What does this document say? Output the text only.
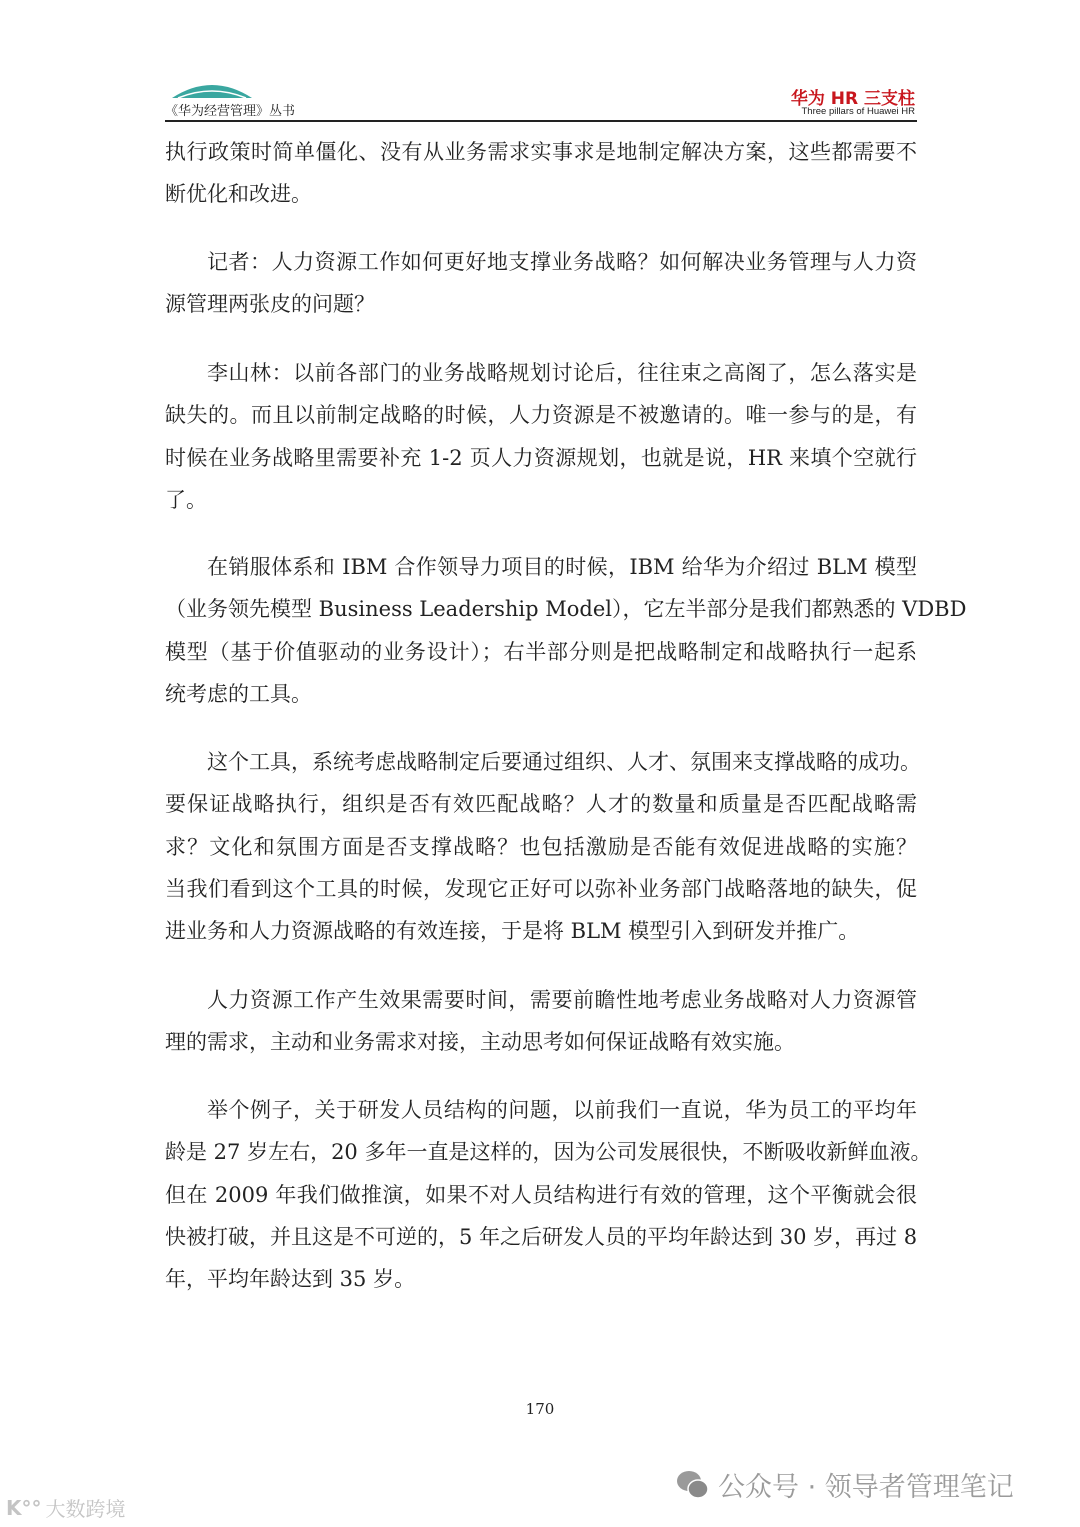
《华为经营管理》丛书
华为 HR 三支柱
Three pillars of Huawei HR
执行政策时简单僵化、没有从业务需求实事求是地制定解决方案，这些都需要不
断优化和改进。
记者：人力资源工作如何更好地支撑业务战略？如何解决业务管理与人力资
源管理两张皮的问题？
李山林：以前各部门的业务战略规划讨论后，往往束之高阁了，怎么落实是
缺失的。而且以前制定战略的时候，人力资源是不被邀请的。唯一参与的是，有
时候在业务战略里需要补充 1-2 页人力资源规划，也就是说，HR 来填个空就行
了。
在销服体系和 IBM 合作领导力项目的时候，IBM 给华为介绍过 BLM 模型
（业务领先模型 Business Leadership Model），它左半部分是我们都熟悉的 VDBD
模型（基于价值驱动的业务设计）；右半部分则是把战略制定和战略执行一起系
统考虑的工具。
这个工具，系统考虑战略制定后要通过组织、人才、氛围来支撑战略的成功。
要保证战略执行，组织是否有效匹配战略？人才的数量和质量是否匹配战略需
求？文化和氛围方面是否支撑战略？也包括激励是否能有效促进战略的实施？
当我们看到这个工具的时候，发现它正好可以弥补业务部门战略落地的缺失，促
进业务和人力资源战略的有效连接，于是将 BLM 模型引入到研发并推广。
人力资源工作产生效果需要时间，需要前瞻性地考虑业务战略对人力资源管
理的需求，主动和业务需求对接，主动思考如何保证战略有效实施。
举个例子，关于研发人员结构的问题，以前我们一直说，华为员工的平均年
龄是 27 岁左右，20 多年一直是这样的，因为公司发展很快，不断吸收新鲜血液。
但在 2009 年我们做推演，如果不对人员结构进行有效的管理，这个平衡就会很
快被打破，并且这是不可逆的，5 年之后研发人员的平均年龄达到 30 岁，再过 8
年，平均年龄达到 35 岁。
170
公众号 · 领导者管理笔记
K°° 大数跨境
